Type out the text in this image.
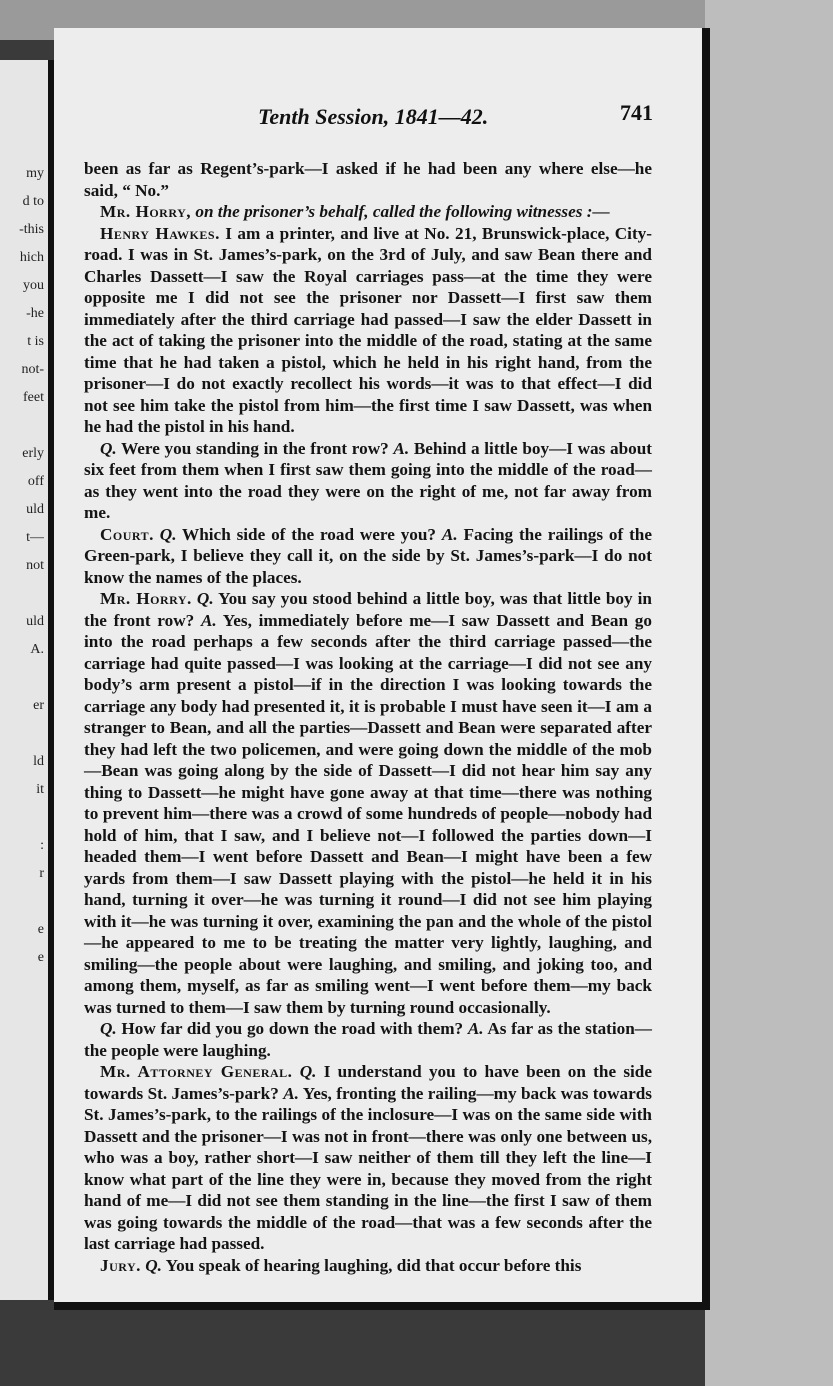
my
d to
-this
hich
you
-he
t is
not-
feet

erly
off
uld
t—
not

uld
A.

er

ld
it

:
r

e
e

Tenth Session, 1841—42.	741

been as far as Regent’s-park—I asked if he had been any where else—he said, “ No.”

Mr. Horry, on the prisoner’s behalf, called the following witnesses :—

Henry Hawkes. I am a printer, and live at No. 21, Brunswick-place, City-road. I was in St. James’s-park, on the 3rd of July, and saw Bean there and Charles Dassett—I saw the Royal carriages pass—at the time they were opposite me I did not see the prisoner nor Dassett—I first saw them immediately after the third carriage had passed—I saw the elder Dassett in the act of taking the prisoner into the middle of the road, stating at the same time that he had taken a pistol, which he held in his right hand, from the prisoner—I do not exactly recollect his words—it was to that effect—I did not see him take the pistol from him—the first time I saw Dassett, was when he had the pistol in his hand.

Q. Were you standing in the front row? A. Behind a little boy—I was about six feet from them when I first saw them going into the middle of the road—as they went into the road they were on the right of me, not far away from me.

Court. Q. Which side of the road were you? A. Facing the railings of the Green-park, I believe they call it, on the side by St. James’s-park—I do not know the names of the places.

Mr. Horry. Q. You say you stood behind a little boy, was that little boy in the front row? A. Yes, immediately before me—I saw Dassett and Bean go into the road perhaps a few seconds after the third carriage passed—the carriage had quite passed—I was looking at the carriage—I did not see any body’s arm present a pistol—if in the direction I was looking towards the carriage any body had presented it, it is probable I must have seen it—I am a stranger to Bean, and all the parties—Dassett and Bean were separated after they had left the two policemen, and were going down the middle of the mob—Bean was going along by the side of Dassett—I did not hear him say any thing to Dassett—he might have gone away at that time—there was nothing to prevent him—there was a crowd of some hundreds of people—nobody had hold of him, that I saw, and I believe not—I followed the parties down—I headed them—I went before Dassett and Bean—I might have been a few yards from them—I saw Dassett playing with the pistol—he held it in his hand, turning it over—he was turning it round—I did not see him playing with it—he was turning it over, examining the pan and the whole of the pistol—he appeared to me to be treating the matter very lightly, laughing, and smiling—the people about were laughing, and smiling, and joking too, and among them, myself, as far as smiling went—I went before them—my back was turned to them—I saw them by turning round occasionally.

Q. How far did you go down the road with them? A. As far as the station—the people were laughing.

Mr. Attorney General. Q. I understand you to have been on the side towards St. James’s-park? A. Yes, fronting the railing—my back was towards St. James’s-park, to the railings of the inclosure—I was on the same side with Dassett and the prisoner—I was not in front—there was only one between us, who was a boy, rather short—I saw neither of them till they left the line—I know what part of the line they were in, because they moved from the right hand of me—I did not see them standing in the line—the first I saw of them was going towards the middle of the road—that was a few seconds after the last carriage had passed.

Jury. Q. You speak of hearing laughing, did that occur before this
